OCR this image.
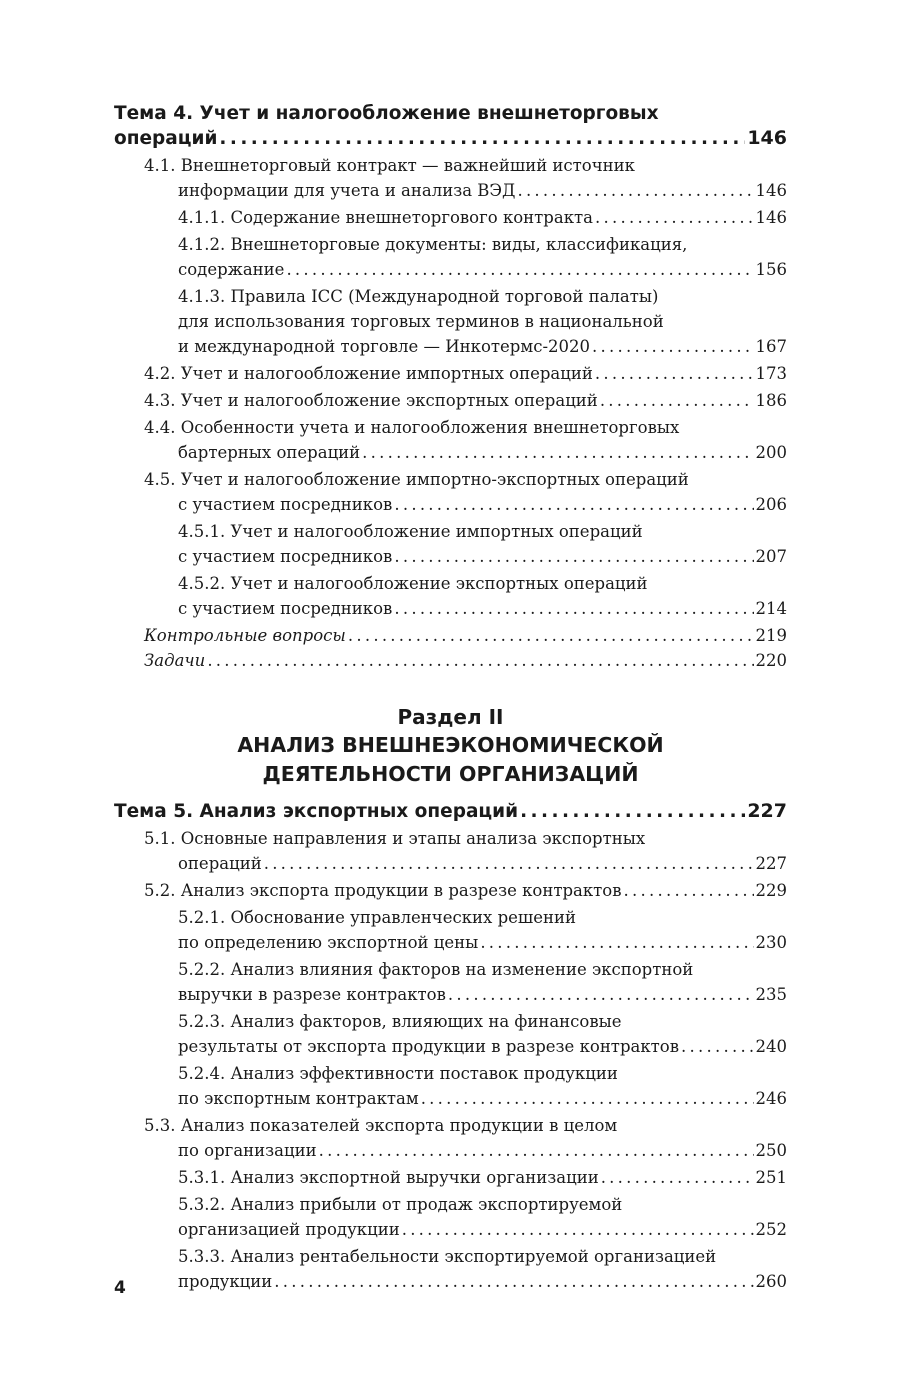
Тема 4. Учет и налогообложение внешнеторговых
операций . . .	146
4.1. Внешнеторговый контракт — важнейший источник
информации для учета и анализа ВЭД . . .	146
4.1.1. Содержание внешнеторгового контракта . . .	146
4.1.2. Внешнеторговые документы: виды, классификация,
содержание . . .	156
4.1.3. Правила ICC (Международной торговой палаты)
для использования торговых терминов в национальной
и международной торговле — Инкотермс-2020 . . .	167
4.2. Учет и налогообложение импортных операций . . .	173
4.3. Учет и налогообложение экспортных операций . . .	186
4.4. Особенности учета и налогообложения внешнеторговых
бартерных операций . . .	200
4.5. Учет и налогообложение импортно-экспортных операций
с участием посредников . . .	206
4.5.1. Учет и налогообложение импортных операций
с участием посредников . . .	207
4.5.2. Учет и налогообложение экспортных операций
с участием посредников . . .	214
Контрольные вопросы . . .	219
Задачи . . .	220
Раздел II
АНАЛИЗ ВНЕШНЕЭКОНОМИЧЕСКОЙ
ДЕЯТЕЛЬНОСТИ ОРГАНИЗАЦИЙ
Тема 5. Анализ экспортных операций . . .	227
5.1. Основные направления и этапы анализа экспортных
операций . . .	227
5.2. Анализ экспорта продукции в разрезе контрактов . . .	229
5.2.1. Обоснование управленческих решений
по определению экспортной цены . . .	230
5.2.2. Анализ влияния факторов на изменение экспортной
выручки в разрезе контрактов . . .	235
5.2.3. Анализ факторов, влияющих на финансовые
результаты от экспорта продукции в разрезе контрактов . . .	240
5.2.4. Анализ эффективности поставок продукции
по экспортным контрактам . . .	246
5.3. Анализ показателей экспорта продукции в целом
по организации . . .	250
5.3.1. Анализ экспортной выручки организации . . .	251
5.3.2. Анализ прибыли от продаж экспортируемой
организацией продукции . . .	252
5.3.3. Анализ рентабельности экспортируемой организацией
продукции . . .	260
4
